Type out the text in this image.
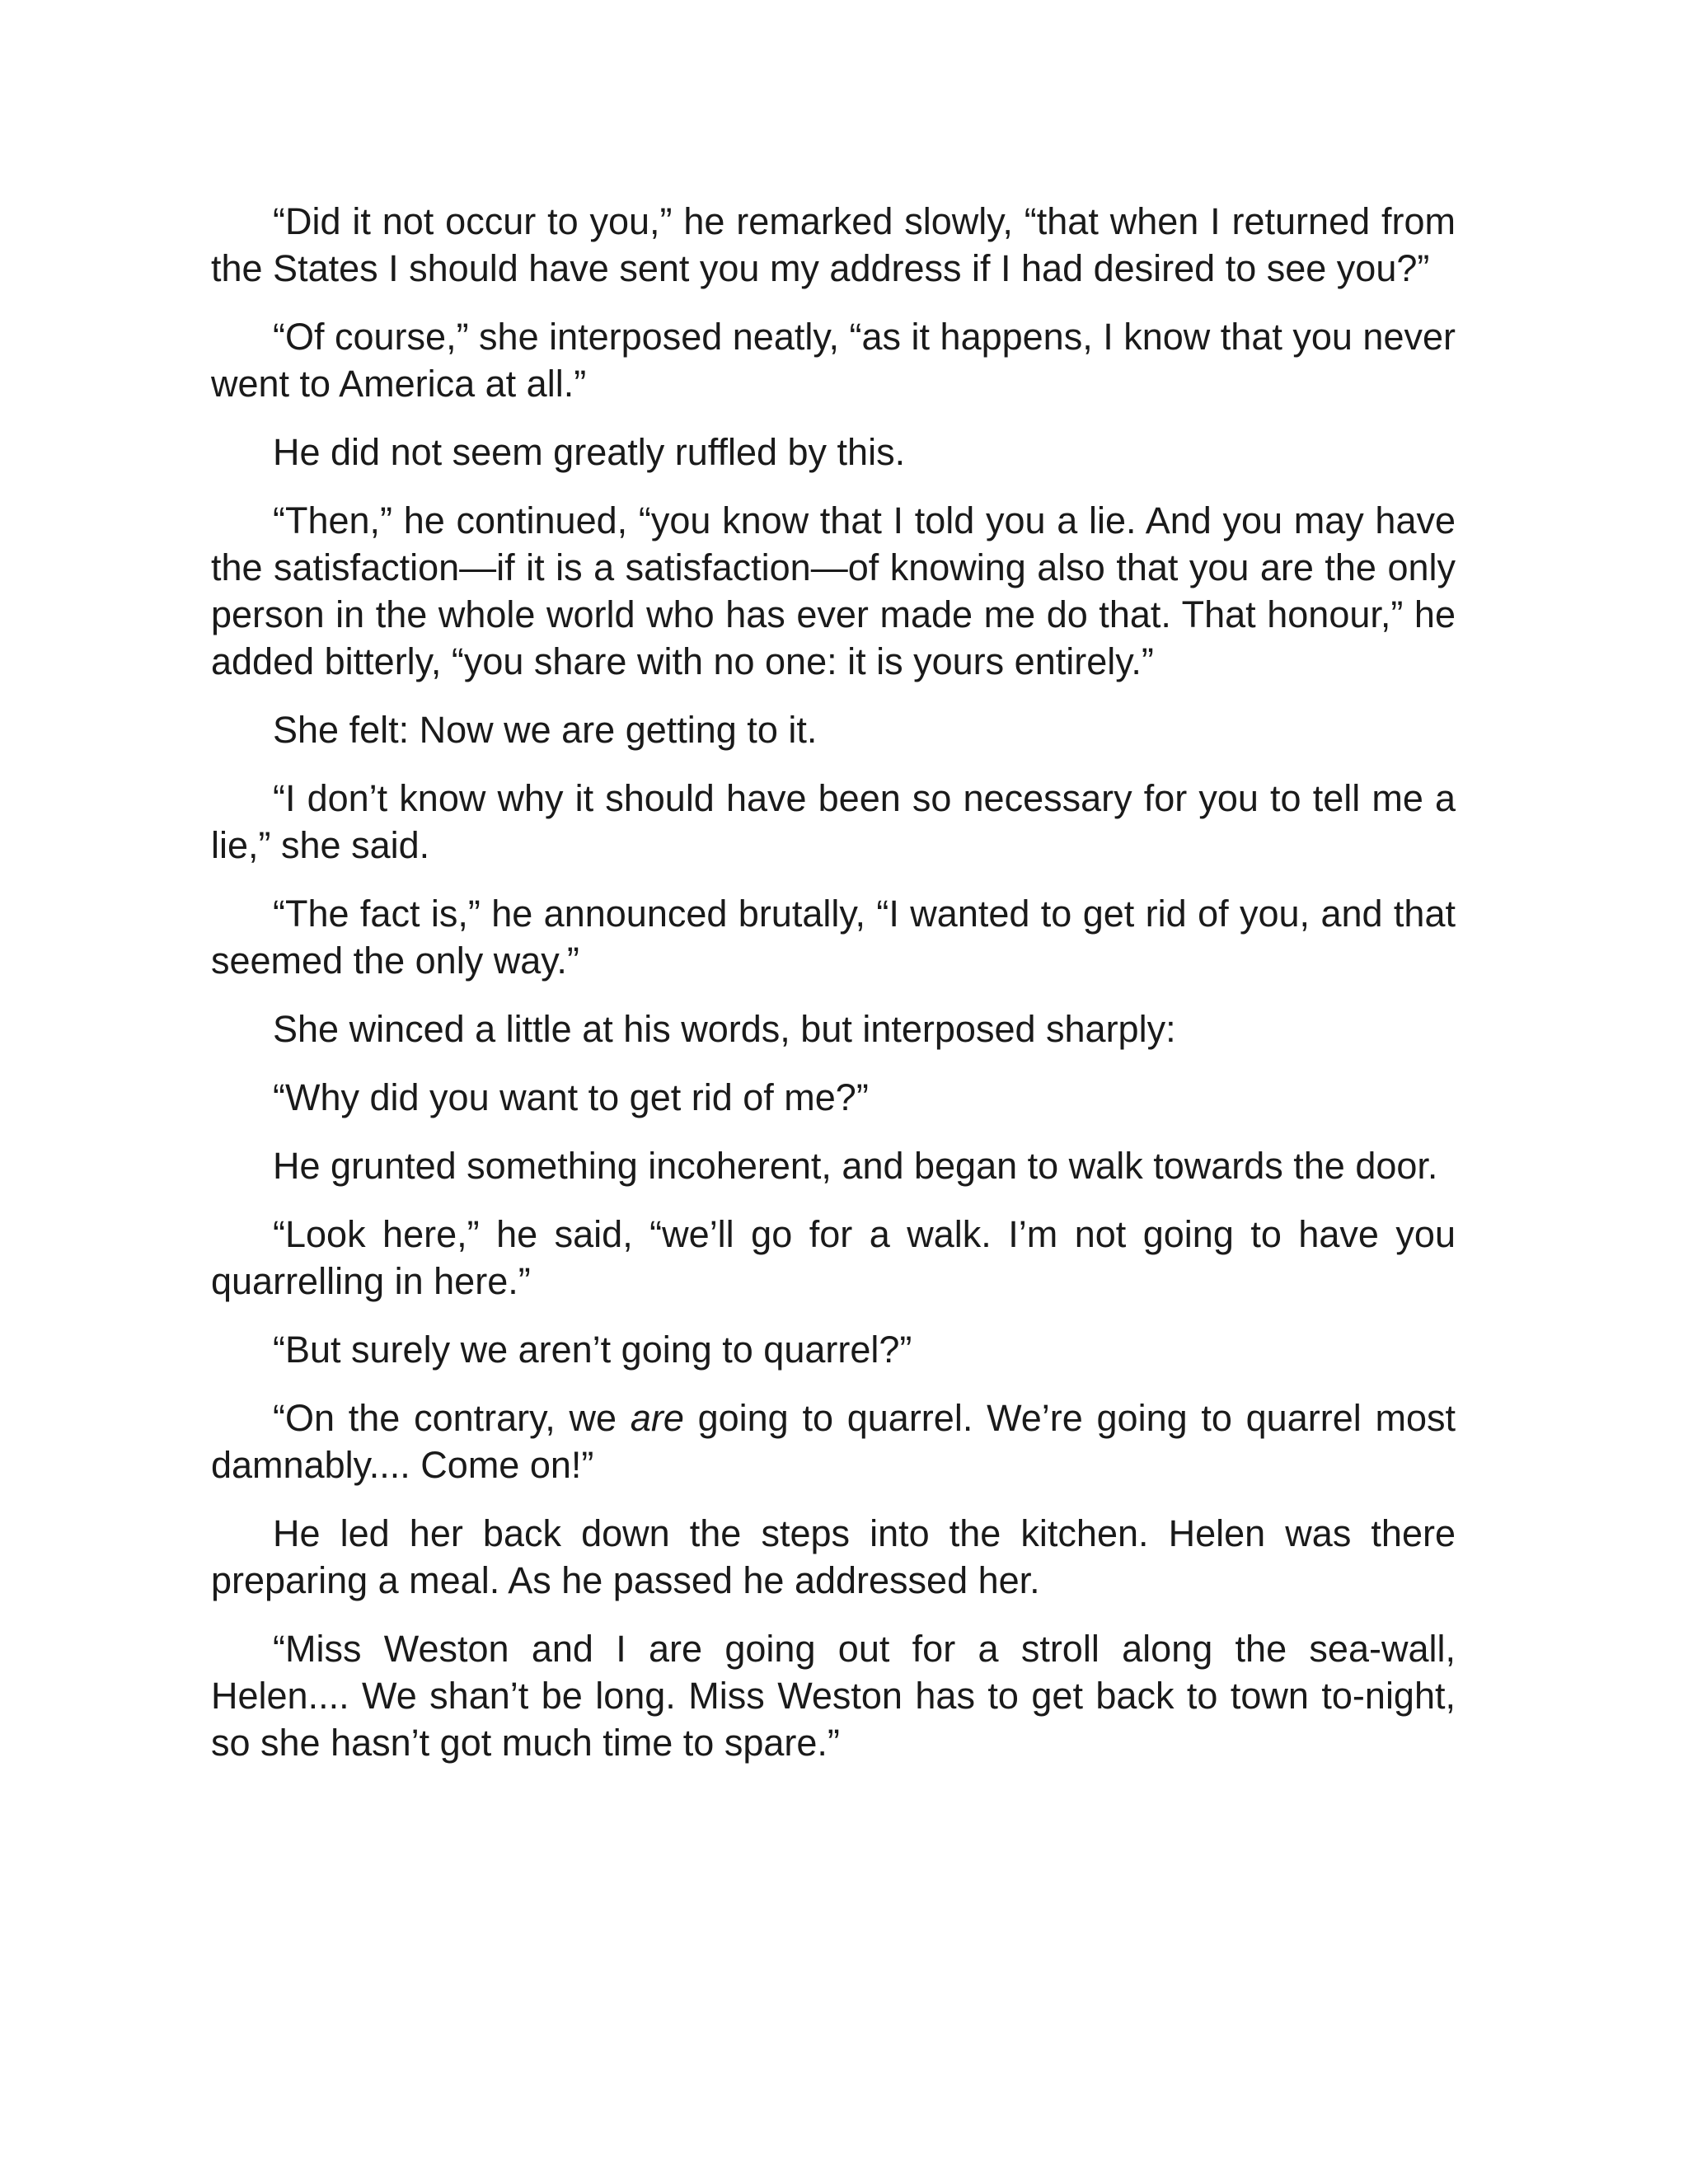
“Did it not occur to you,” he remarked slowly, “that when I returned from the States I should have sent you my address if I had desired to see you?”

“Of course,” she interposed neatly, “as it happens, I know that you never went to America at all.”

He did not seem greatly ruffled by this.

“Then,” he continued, “you know that I told you a lie. And you may have the satisfaction—if it is a satisfaction—of knowing also that you are the only person in the whole world who has ever made me do that. That honour,” he added bitterly, “you share with no one: it is yours entirely.”

She felt: Now we are getting to it.

“I don’t know why it should have been so necessary for you to tell me a lie,” she said.

“The fact is,” he announced brutally, “I wanted to get rid of you, and that seemed the only way.”

She winced a little at his words, but interposed sharply:

“Why did you want to get rid of me?”

He grunted something incoherent, and began to walk towards the door.

“Look here,” he said, “we’ll go for a walk. I’m not going to have you quarrelling in here.”

“But surely we aren’t going to quarrel?”

“On the contrary, we are going to quarrel. We’re going to quarrel most damnably.... Come on!”

He led her back down the steps into the kitchen. Helen was there preparing a meal. As he passed he addressed her.

“Miss Weston and I are going out for a stroll along the sea-wall, Helen.... We shan’t be long. Miss Weston has to get back to town to-night, so she hasn’t got much time to spare.”
